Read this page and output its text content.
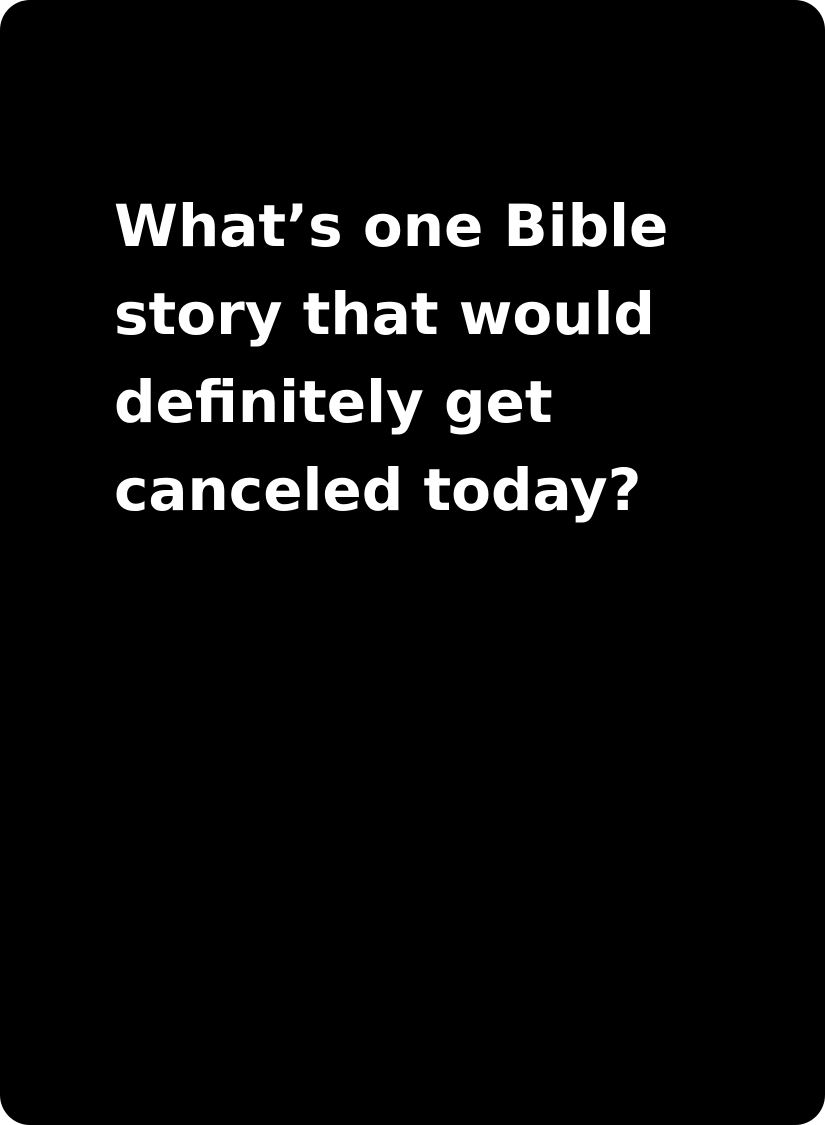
What’s one Bible
story that would
definitely get
canceled today?
